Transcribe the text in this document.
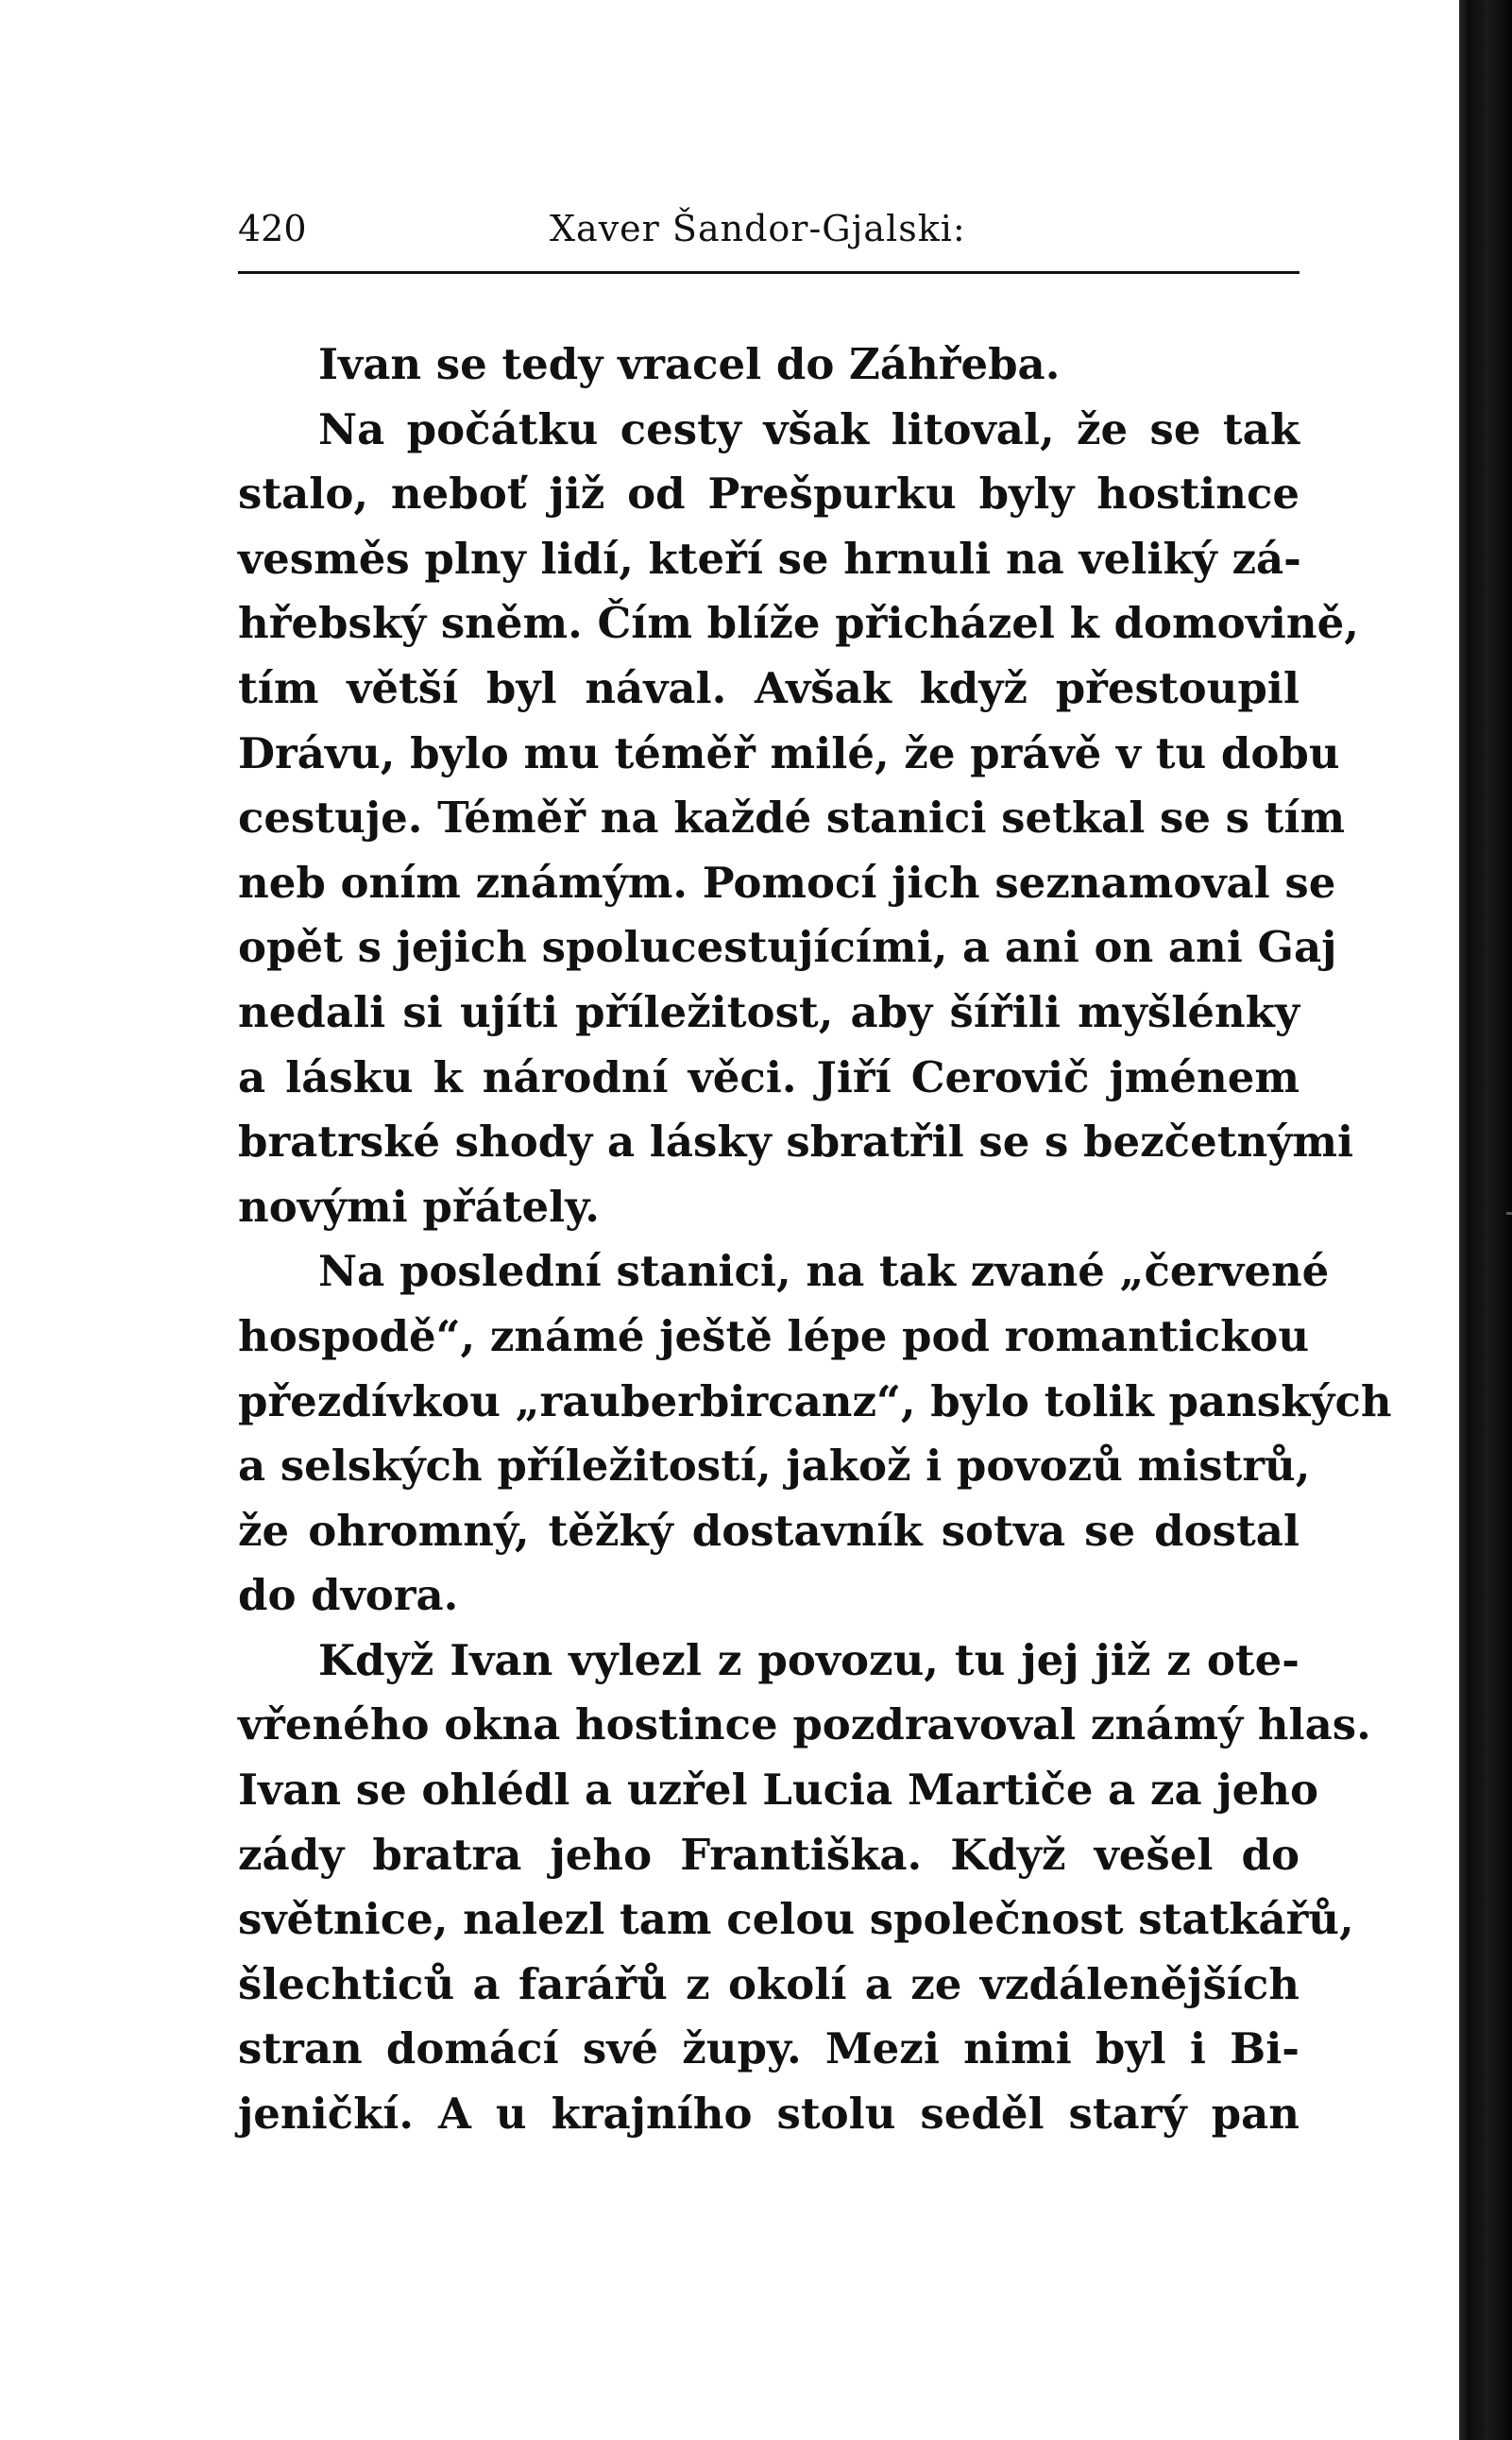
420	Xaver Šandor-Gjalski:
Ivan se tedy vracel do Záhřeba.
Na počátku cesty však litoval, že se tak
stalo, neboť již od Prešpurku byly hostince
vesměs plny lidí, kteří se hrnuli na veliký zá-
hřebský sněm. Čím blíže přicházel k domovině,
tím větší byl nával. Avšak když přestoupil
Drávu, bylo mu téměř milé, že právě v tu dobu
cestuje. Téměř na každé stanici setkal se s tím
neb oním známým. Pomocí jich seznamoval se
opět s jejich spolucestujícími, a ani on ani Gaj
nedali si ujíti příležitost, aby šířili myšlénky
a lásku k národní věci. Jiří Cerovič jménem
bratrské shody a lásky sbratřil se s bezčetnými
novými přátely.
Na poslední stanici, na tak zvané „červené
hospodě“, známé ještě lépe pod romantickou
přezdívkou „rauberbircanz“, bylo tolik panských
a selských příležitostí, jakož i povozů mistrů,
že ohromný, těžký dostavník sotva se dostal
do dvora.
Když Ivan vylezl z povozu, tu jej již z ote-
vřeného okna hostince pozdravoval známý hlas.
Ivan se ohlédl a uzřel Lucia Martiče a za jeho
zády bratra jeho Františka. Když vešel do
světnice, nalezl tam celou společnost statkářů,
šlechticů a farářů z okolí a ze vzdálenějších
stran domácí své župy. Mezi nimi byl i Bi-
jeničkí. A u krajního stolu seděl starý pan
